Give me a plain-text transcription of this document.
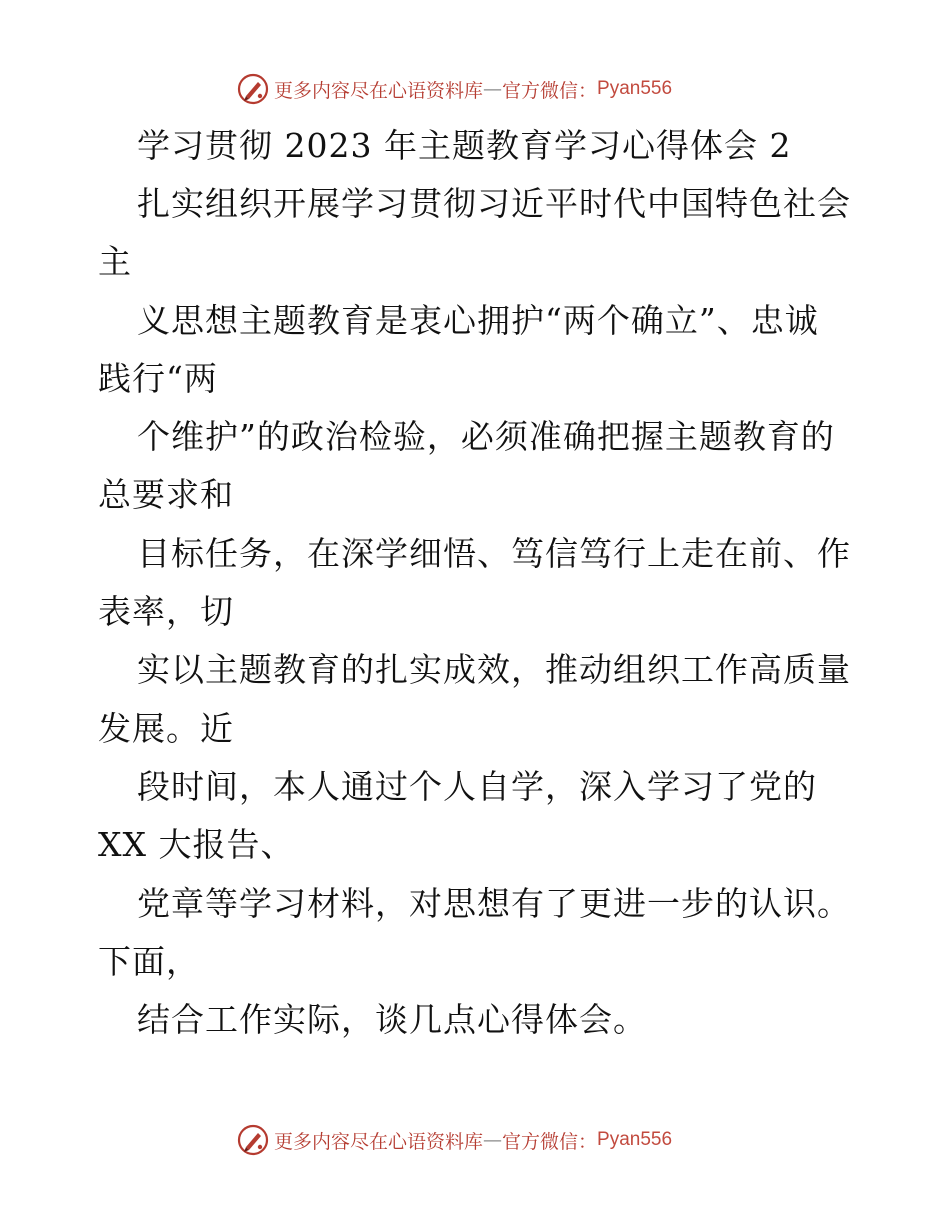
更多内容尽在心语资料库 — 官方微信： Pyan556
学习贯彻 2023 年主题教育学习心得体会 2
扎实组织开展学习贯彻习近平时代中国特色社会
主
义思想主题教育是衷心拥护“两个确立”、忠诚
践行“两
个维护”的政治检验，必须准确把握主题教育的
总要求和
目标任务，在深学细悟、笃信笃行上走在前、作
表率，切
实以主题教育的扎实成效，推动组织工作高质量
发展。近
段时间，本人通过个人自学，深入学习了党的
XX 大报告、
党章等学习材料，对思想有了更进一步的认识。
下面，
结合工作实际，谈几点心得体会。
更多内容尽在心语资料库 — 官方微信： Pyan556
